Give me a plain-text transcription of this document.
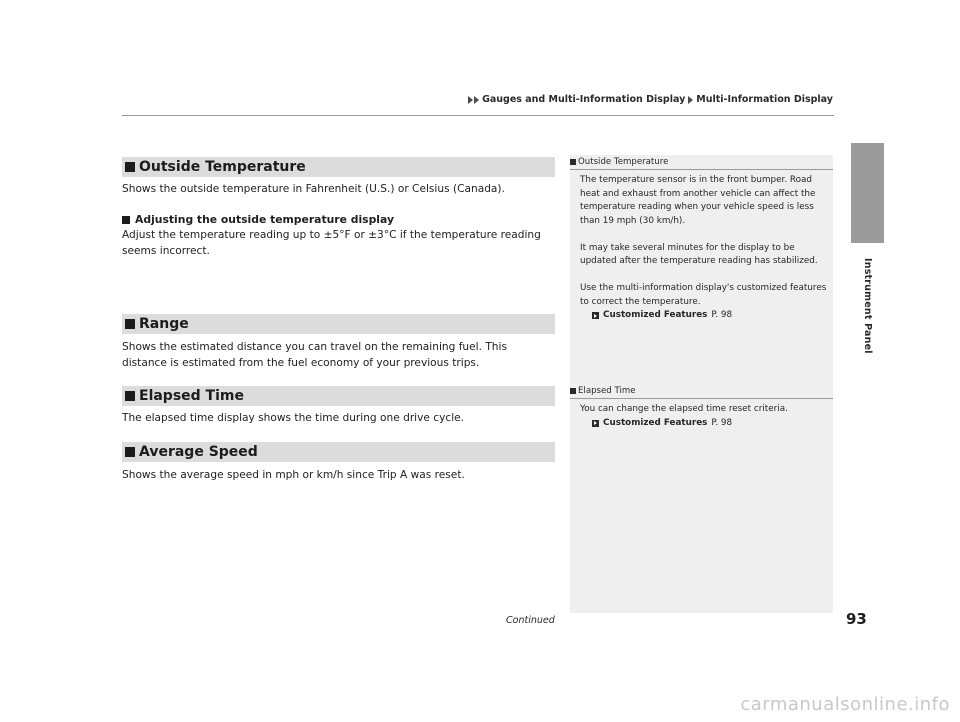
Gauges and Multi-Information Display Multi-Information Display
Instrument Panel
Outside Temperature
Shows the outside temperature in Fahrenheit (U.S.) or Celsius (Canada).
Adjusting the outside temperature display
Adjust the temperature reading up to ±5°F or ±3°C if the temperature reading seems incorrect.
Range
Shows the estimated distance you can travel on the remaining fuel. This distance is estimated from the fuel economy of your previous trips.
Elapsed Time
The elapsed time display shows the time during one drive cycle.
Average Speed
Shows the average speed in mph or km/h since Trip A was reset.
Outside Temperature

The temperature sensor is in the front bumper. Road heat and exhaust from another vehicle can affect the temperature reading when your vehicle speed is less than 19 mph (30 km/h).

It may take several minutes for the display to be updated after the temperature reading has stabilized.

Use the multi-information display's customized features to correct the temperature.

Customized Features P. 98
Elapsed Time

You can change the elapsed time reset criteria.

Customized Features P. 98
Continued	93
carmanualsonline.info
